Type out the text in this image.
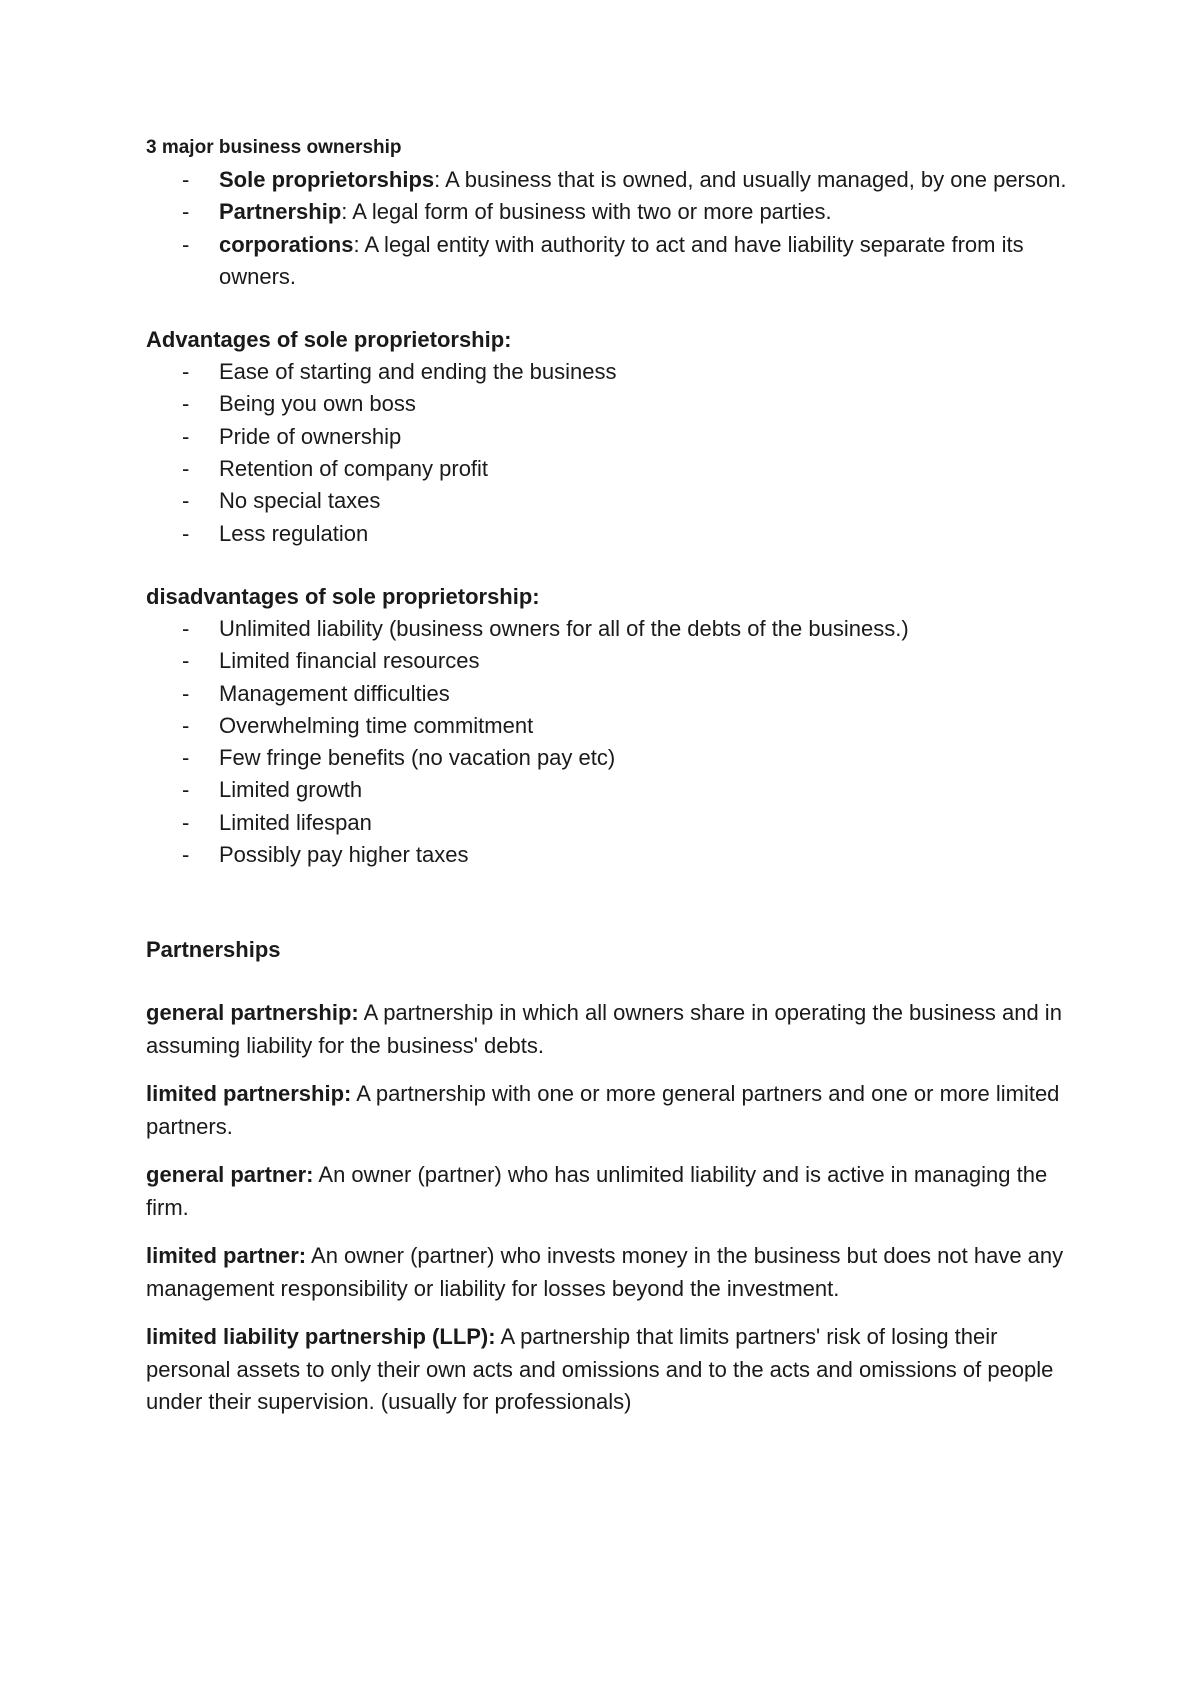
3 major business ownership

- Sole proprietorships: A business that is owned, and usually managed, by one person.
- Partnership: A legal form of business with two or more parties.
- corporations: A legal entity with authority to act and have liability separate from its owners.

Advantages of sole proprietorship:

- Ease of starting and ending the business
- Being you own boss
- Pride of ownership
- Retention of company profit
- No special taxes
- Less regulation

disadvantages of sole proprietorship:

- Unlimited liability (business owners for all of the debts of the business.)
- Limited financial resources
- Management difficulties
- Overwhelming time commitment
- Few fringe benefits (no vacation pay etc)
- Limited growth
- Limited lifespan
- Possibly pay higher taxes

Partnerships

general partnership: A partnership in which all owners share in operating the business and in assuming liability for the business' debts.

limited partnership: A partnership with one or more general partners and one or more limited partners.

general partner: An owner (partner) who has unlimited liability and is active in managing the firm.

limited partner: An owner (partner) who invests money in the business but does not have any management responsibility or liability for losses beyond the investment.

limited liability partnership (LLP): A partnership that limits partners' risk of losing their personal assets to only their own acts and omissions and to the acts and omissions of people under their supervision. (usually for professionals)
